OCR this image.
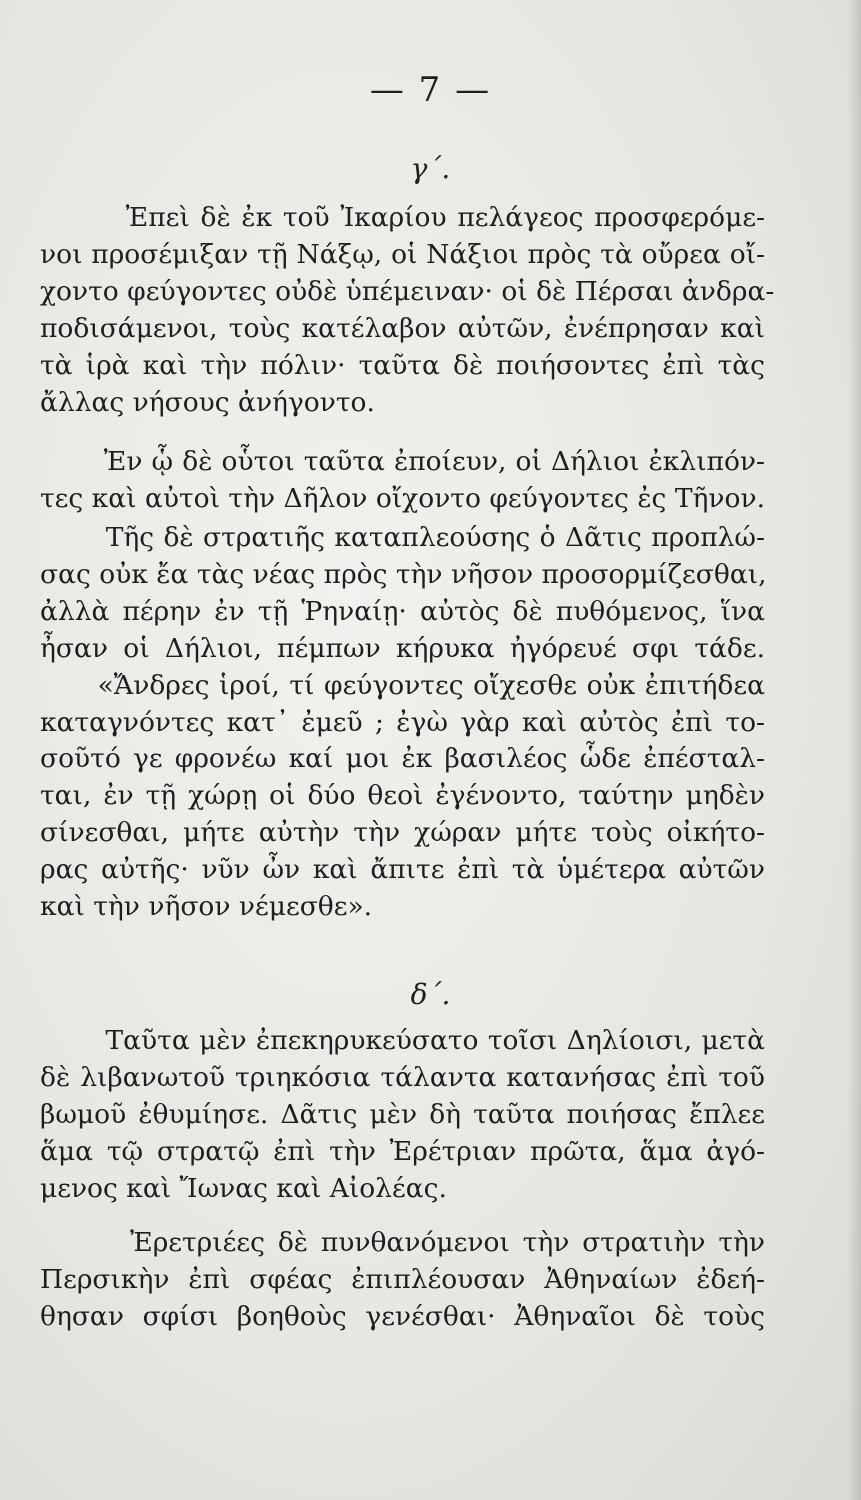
— 7 —
γ΄.

Ἐπεὶ δὲ ἐκ τοῦ Ἰκαρίου πελάγεος προσφερόμε-
νοι προσέμιξαν τῇ Νάξῳ, οἱ Νάξιοι πρὸς τὰ οὔρεα οἴ-
χοντο φεύγοντες οὐδὲ ὑπέμειναν· οἱ δὲ Πέρσαι ἀνδρα-
ποδισάμενοι, τοὺς κατέλαβον αὐτῶν, ἐνέπρησαν καὶ
τὰ ἱρὰ καὶ τὴν πόλιν· ταῦτα δὲ ποιήσοντες ἐπὶ τὰς
ἄλλας νήσους ἀνήγοντο.

Ἐν ᾧ δὲ οὗτοι ταῦτα ἐποίευν, οἱ Δήλιοι ἐκλιπόν-
τες καὶ αὐτοὶ τὴν Δῆλον οἴχοντο φεύγοντες ἐς Τῆνον.

Τῆς δὲ στρατιῆς καταπλεούσης ὁ Δᾶτις προπλώ-
σας οὐκ ἔα τὰς νέας πρὸς τὴν νῆσον προσορμίζεσθαι,
ἀλλὰ πέρην ἐν τῇ Ῥηναίῃ· αὐτὸς δὲ πυθόμενος, ἵνα
ἦσαν οἱ Δήλιοι, πέμπων κήρυκα ἠγόρευέ σφι τάδε.
«Ἄνδρες ἱροί, τί φεύγοντες οἴχεσθε οὐκ ἐπιτήδεα
καταγνόντες κατ᾽ ἐμεῦ ; ἐγὼ γὰρ καὶ αὐτὸς ἐπὶ το-
σοῦτό γε φρονέω καί μοι ἐκ βασιλέος ὧδε ἐπέσταλ-
ται, ἐν τῇ χώρῃ οἱ δύο θεοὶ ἐγένοντο, ταύτην μηδὲν
σίνεσθαι, μήτε αὐτὴν τὴν χώραν μήτε τοὺς οἰκήτο-
ρας αὐτῆς· νῦν ὦν καὶ ἄπιτε ἐπὶ τὰ ὑμέτερα αὐτῶν
καὶ τὴν νῆσον νέμεσθε».

δ΄.

Ταῦτα μὲν ἐπεκηρυκεύσατο τοῖσι Δηλίοισι, μετὰ
δὲ λιβανωτοῦ τριηκόσια τάλαντα κατανήσας ἐπὶ τοῦ
βωμοῦ ἐθυμίησε. Δᾶτις μὲν δὴ ταῦτα ποιήσας ἔπλεε
ἅμα τῷ στρατῷ ἐπὶ τὴν Ἐρέτριαν πρῶτα, ἅμα ἀγό-
μενος καὶ Ἴωνας καὶ Αἰολέας.

Ἐρετριέες δὲ πυνθανόμενοι τὴν στρατιὴν τὴν
Περσικὴν ἐπὶ σφέας ἐπιπλέουσαν Ἀθηναίων ἐδεή-
θησαν σφίσι βοηθοὺς γενέσθαι· Ἀθηναῖοι δὲ τοὺς
